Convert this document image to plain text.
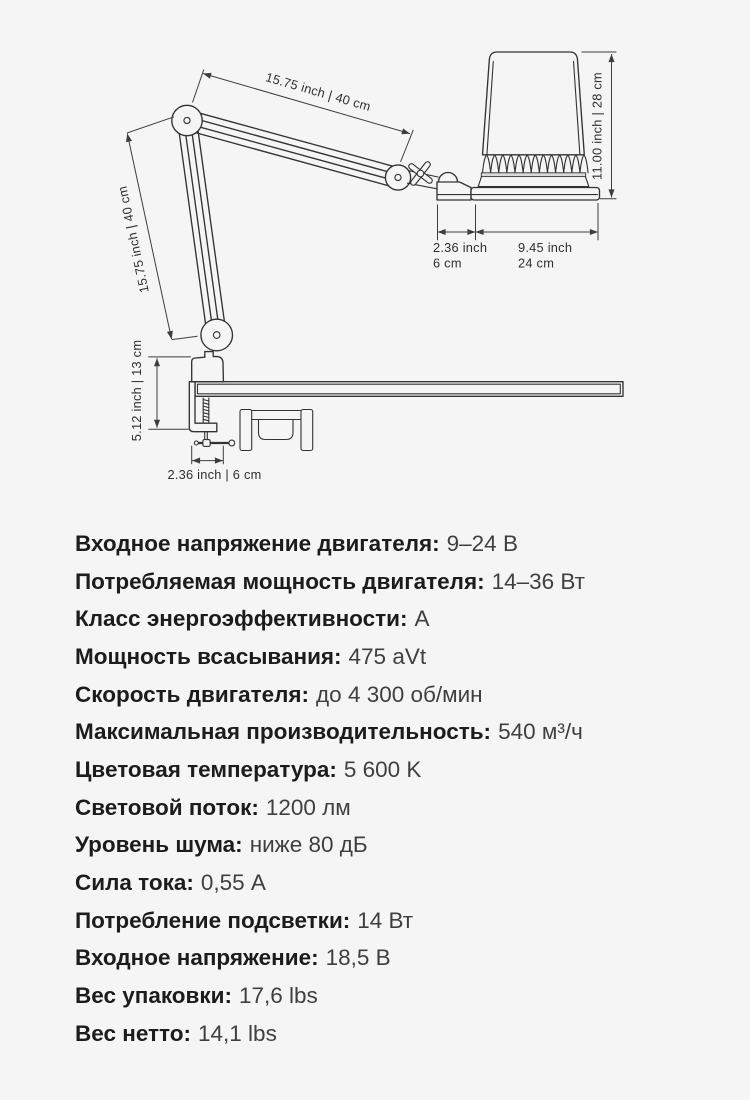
15.75 inch | 40 cm
15.75 inch | 40 cm
11.00 inch | 28 cm
2.36 inch
6 cm
9.45 inch
24 cm
5.12 inch | 13 cm
2.36 inch | 6 cm
Входное напряжение двигателя: 9–24 В
Потребляемая мощность двигателя: 14–36 Вт
Класс энергоэффективности: А
Мощность всасывания: 475 aVt
Скорость двигателя: до 4 300 об/мин
Максимальная производительность: 540 м³/ч
Цветовая температура: 5 600 K
Световой поток: 1200 лм
Уровень шума: ниже 80 дБ
Сила тока: 0,55 А
Потребление подсветки: 14 Вт
Входное напряжение: 18,5 В
Вес упаковки: 17,6 lbs
Вес нетто: 14,1 lbs
